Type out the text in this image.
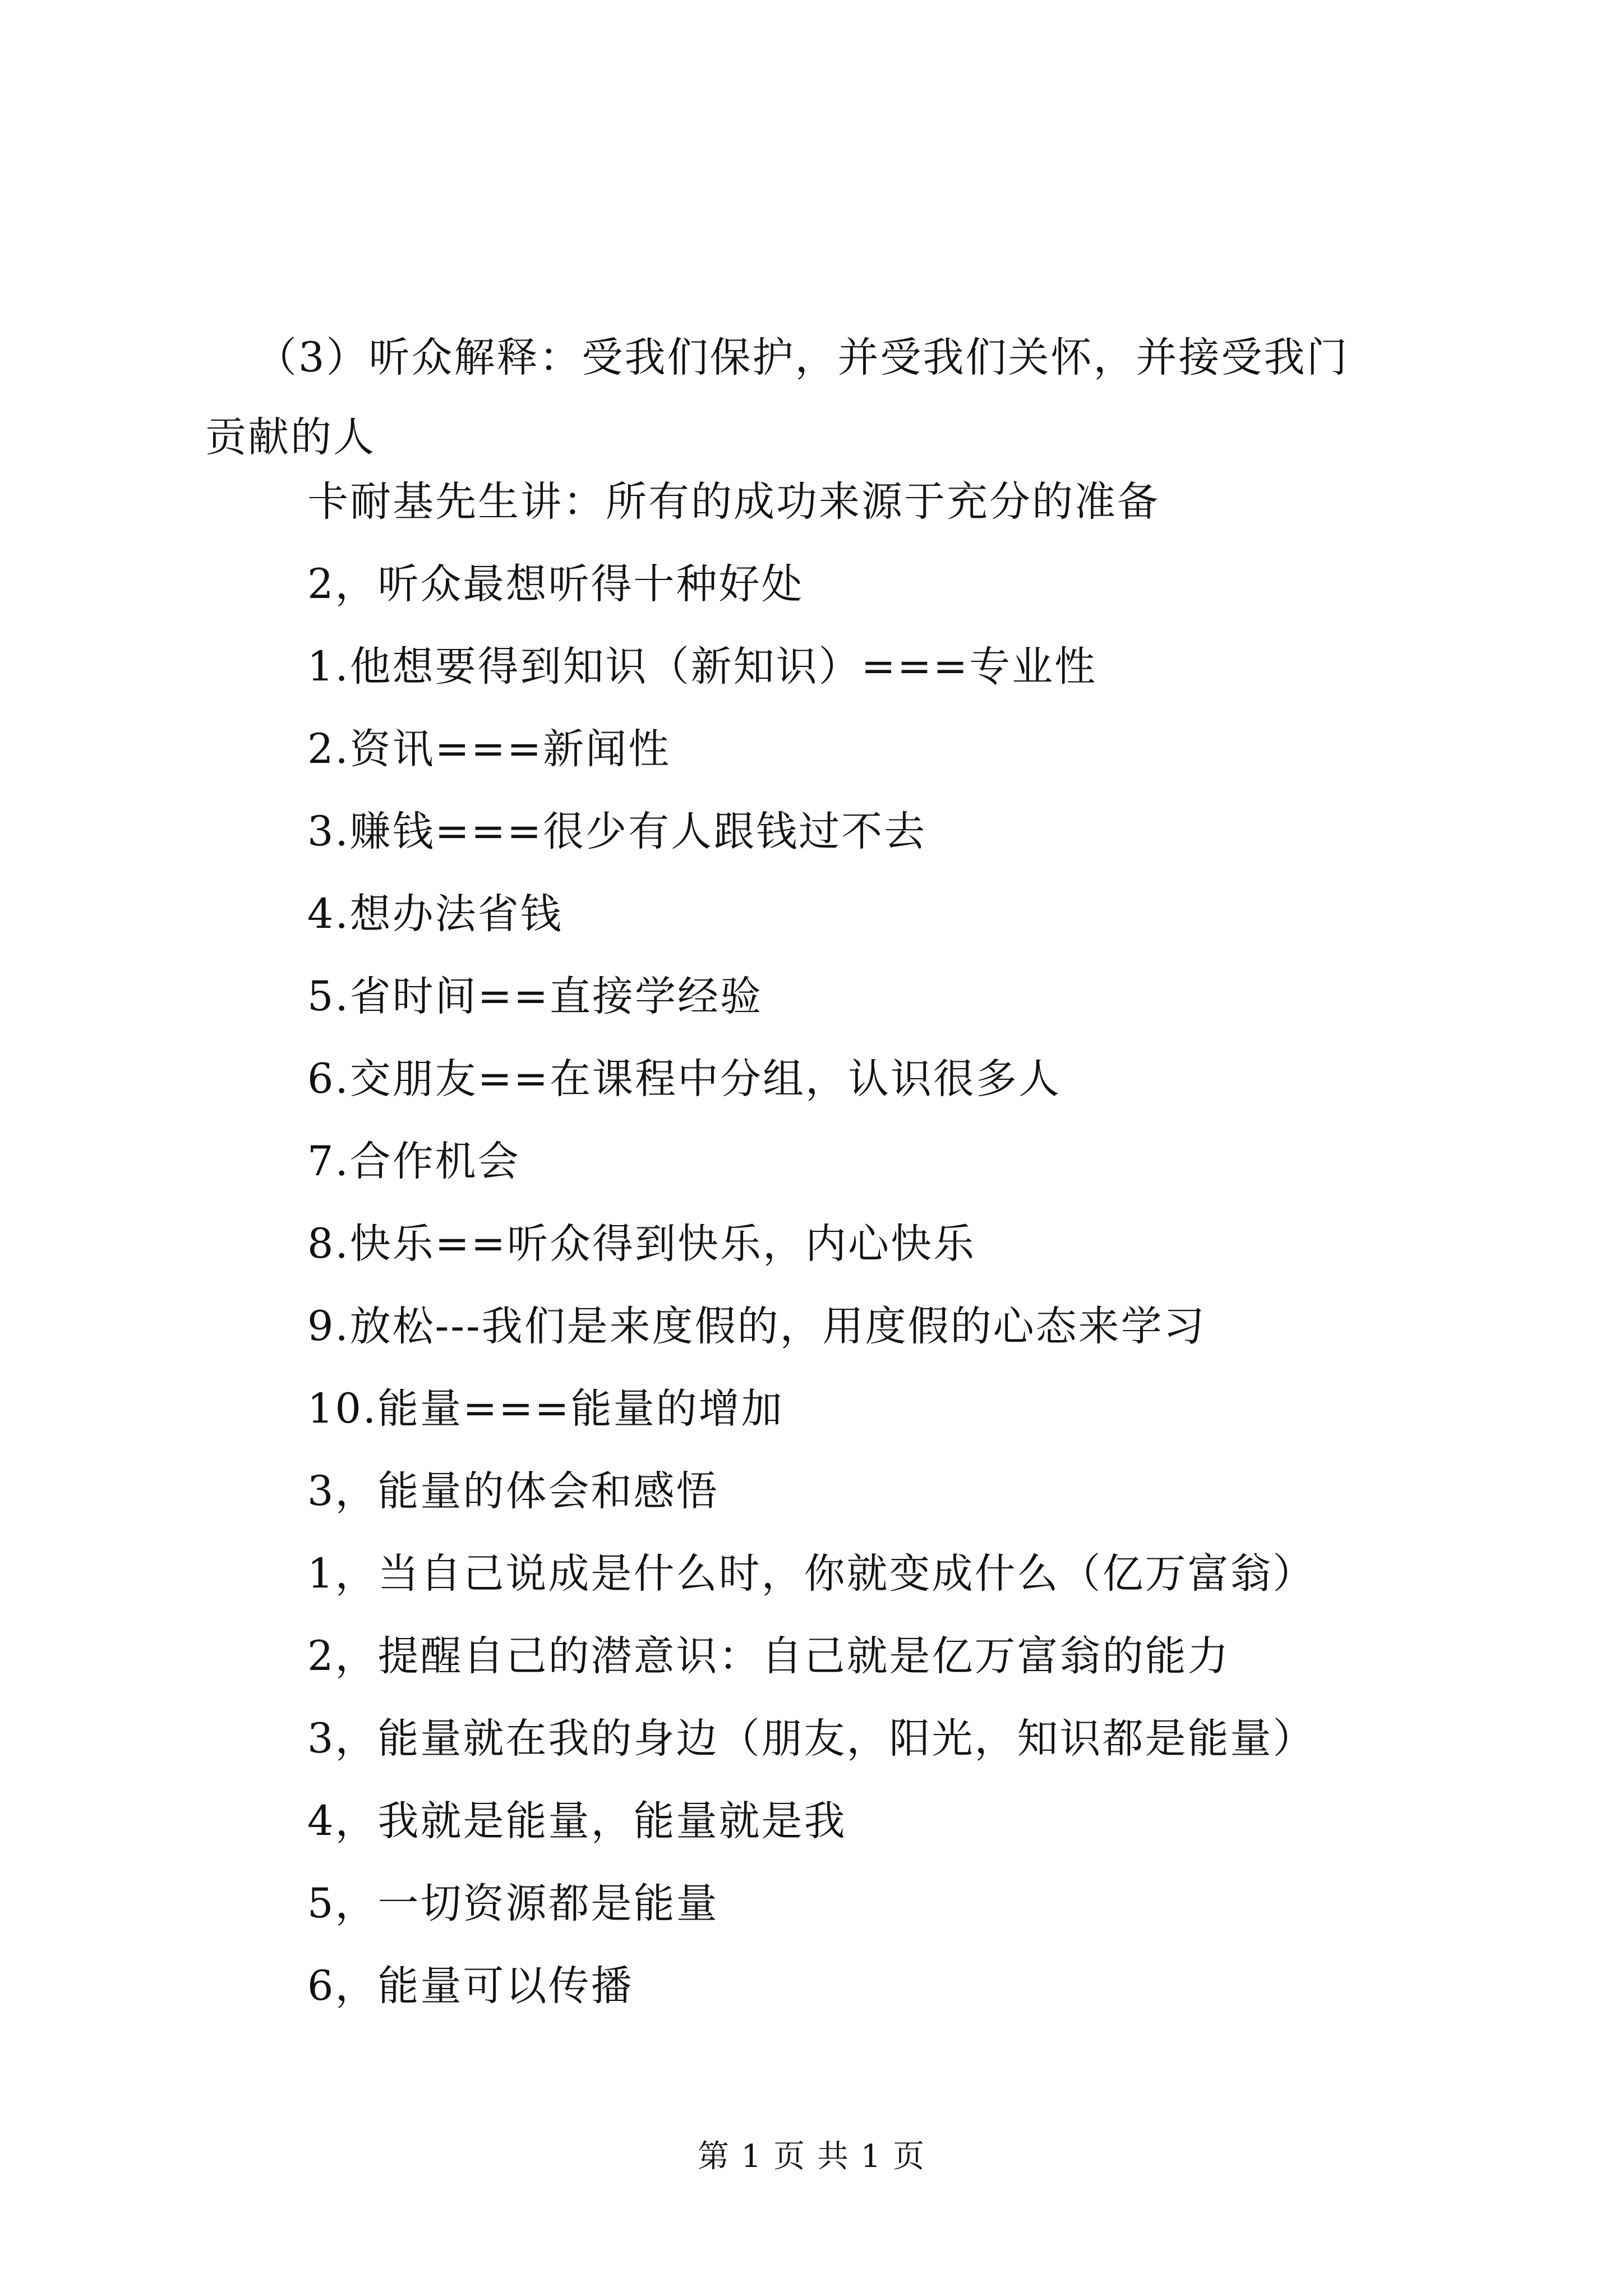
（3）听众解释：受我们保护，并受我们关怀，并接受我门贡献的人
卡耐基先生讲：所有的成功来源于充分的准备
2，听众最想听得十种好处
1.他想要得到知识（新知识）===专业性
2.资讯===新闻性
3.赚钱===很少有人跟钱过不去
4.想办法省钱
5.省时间==直接学经验
6.交朋友==在课程中分组，认识很多人
7.合作机会
8.快乐==听众得到快乐，内心快乐
9.放松---我们是来度假的，用度假的心态来学习
10.能量===能量的增加
3，能量的体会和感悟
1，当自己说成是什么时，你就变成什么（亿万富翁）
2，提醒自己的潜意识：自己就是亿万富翁的能力
3，能量就在我的身边（朋友，阳光，知识都是能量）
4，我就是能量，能量就是我
5，一切资源都是能量
6，能量可以传播
第 1 页 共 1 页
